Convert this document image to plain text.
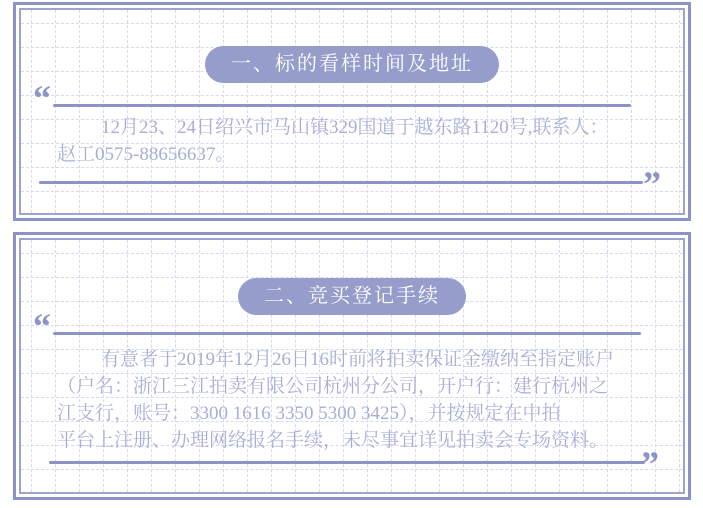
一、标的看样时间及地址
“
12月23、24日绍兴市马山镇329国道于越东路1120号,联系人：
赵工0575-88656637。
”
二、竞买登记手续
“
有意者于2019年12月26日16时前将拍卖保证金缴纳至指定账户
（户名：浙江三江拍卖有限公司杭州分公司，开户行：建行杭州之
江支行，账号：3300 1616 3350 5300 3425），并按规定在中拍
平台上注册、办理网络报名手续，未尽事宜详见拍卖会专场资料。
”
